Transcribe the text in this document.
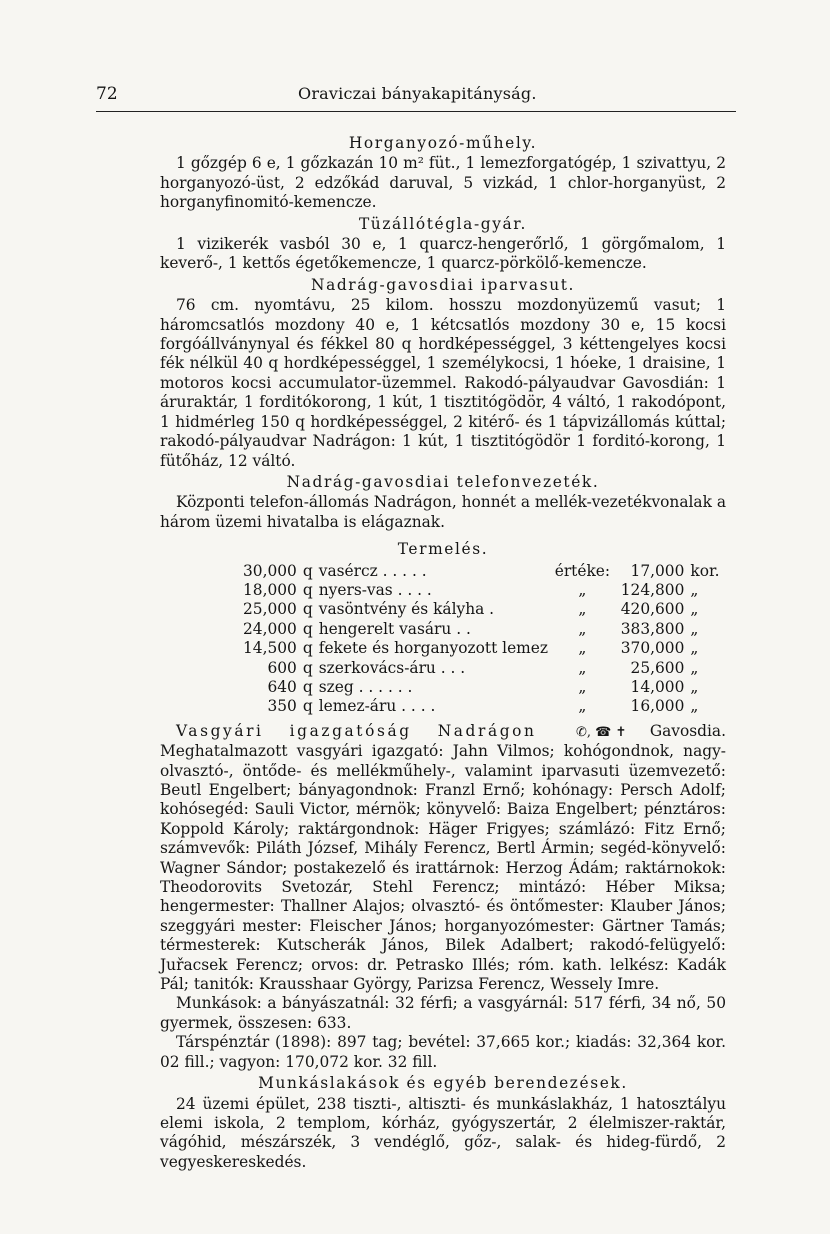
72	Oraviczai bányakapitányság.
Horganyozó-műhely.

1 gőzgép 6 e, 1 gőzkazán 10 m² füt., 1 lemezforgatógép, 1 szivattyu, 2 horganyozó-üst, 2 edzőkád daruval, 5 vizkád, 1 chlor-horganyüst, 2 horganyfinomitó-kemencze.

Tüzállótégla-gyár.

1 vizikerék vasból 30 e, 1 quarcz-hengerőrlő, 1 görgőmalom, 1 keverő-, 1 kettős égetőkemencze, 1 quarcz-pörkölő-kemencze.

Nadrág-gavosdiai iparvasut.

76 cm. nyomtávu, 25 kilom. hosszu mozdonyüzemű vasut; 1 háromcsatlós mozdony 40 e, 1 kétcsatlós mozdony 30 e, 15 kocsi forgóállványnyal és fékkel 80 q hordképességgel, 3 kéttengelyes kocsi fék nélkül 40 q hordképességgel, 1 személykocsi, 1 hóeke, 1 draisine, 1 motoros kocsi accumulator-üzemmel. Rakodó-pályaudvar Gavosdián: 1 áruraktár, 1 forditókorong, 1 kút, 1 tisztitógödör, 4 váltó, 1 rakodópont, 1 hidmérleg 150 q hordképességgel, 2 kitérő- és 1 tápvizállomás kúttal; rakodó-pályaudvar Nadrágon: 1 kút, 1 tisztitógödör 1 forditó-korong, 1 fütőház, 12 váltó.

Nadrág-gavosdiai telefonvezeték.

Központi telefon-állomás Nadrágon, honnét a mellék-vezetékvonalak a három üzemi hivatalba is elágaznak.

Termelés.
30,000	q	vasércz . . . . .	értéke:	17,000	kor.
18,000	q	nyers-vas . . . .	„	124,800	„
25,000	q	vasöntvény és kályha .	„	420,600	„
24,000	q	hengerelt vasáru . .	„	383,800	„
14,500	q	fekete és horganyozott lemez	„	370,000	„
600	q	szerkovács-áru . . .	„	25,600	„
640	q	szeg . . . . . .	„	14,000	„
350	q	lemez-áru . . . .	„	16,000	„

Vasgyári igazgatóság Nadrágon	✆, ☎ ✝ Gavosdia. Meghatalmazott vasgyári igazgató: Jahn Vilmos; kohógondnok, nagy-olvasztó-, öntőde- és mellékműhely-, valamint iparvasuti üzemvezető: Beutl Engelbert; bányagondnok: Franzl Ernő; kohónagy: Persch Adolf; kohósegéd: Sauli Victor, mérnök; könyvelő: Baiza Engelbert; pénztáros: Koppold Károly; raktárgondnok: Häger Frigyes; számlázó: Fitz Ernő; számvevők: Piláth József, Mihály Ferencz, Bertl Ármin; segéd-könyvelő: Wagner Sándor; postakezelő és irattárnok: Herzog Ádám; raktárnokok: Theodorovits Svetozár, Stehl Ferencz; mintázó: Héber Miksa; hengermester: Thallner Alajos; olvasztó- és öntőmester: Klauber János; szeggyári mester: Fleischer János; horganyozómester: Gärtner Tamás; térmesterek: Kutscherák János, Bilek Adalbert; rakodó-felügyelő: Juřacsek Ferencz; orvos: dr. Petrasko Illés; róm. kath. lelkész: Kadák Pál; tanitók: Krausshaar György, Parizsa Ferencz, Wessely Imre.

Munkások: a bányászatnál: 32 férfi; a vasgyárnál: 517 férfi, 34 nő, 50 gyermek, összesen: 633.

Társpénztár (1898): 897 tag; bevétel: 37,665 kor.; kiadás: 32,364 kor. 02 fill.; vagyon: 170,072 kor. 32 fill.

Munkáslakások és egyéb berendezések.

24 üzemi épület, 238 tiszti-, altiszti- és munkáslakház, 1 hatosztályu elemi iskola, 2 templom, kórház, gyógyszertár, 2 élelmiszer-raktár, vágóhid, mészárszék, 3 vendéglő, gőz-, salak- és hideg-fürdő, 2 vegyeskereskedés.
